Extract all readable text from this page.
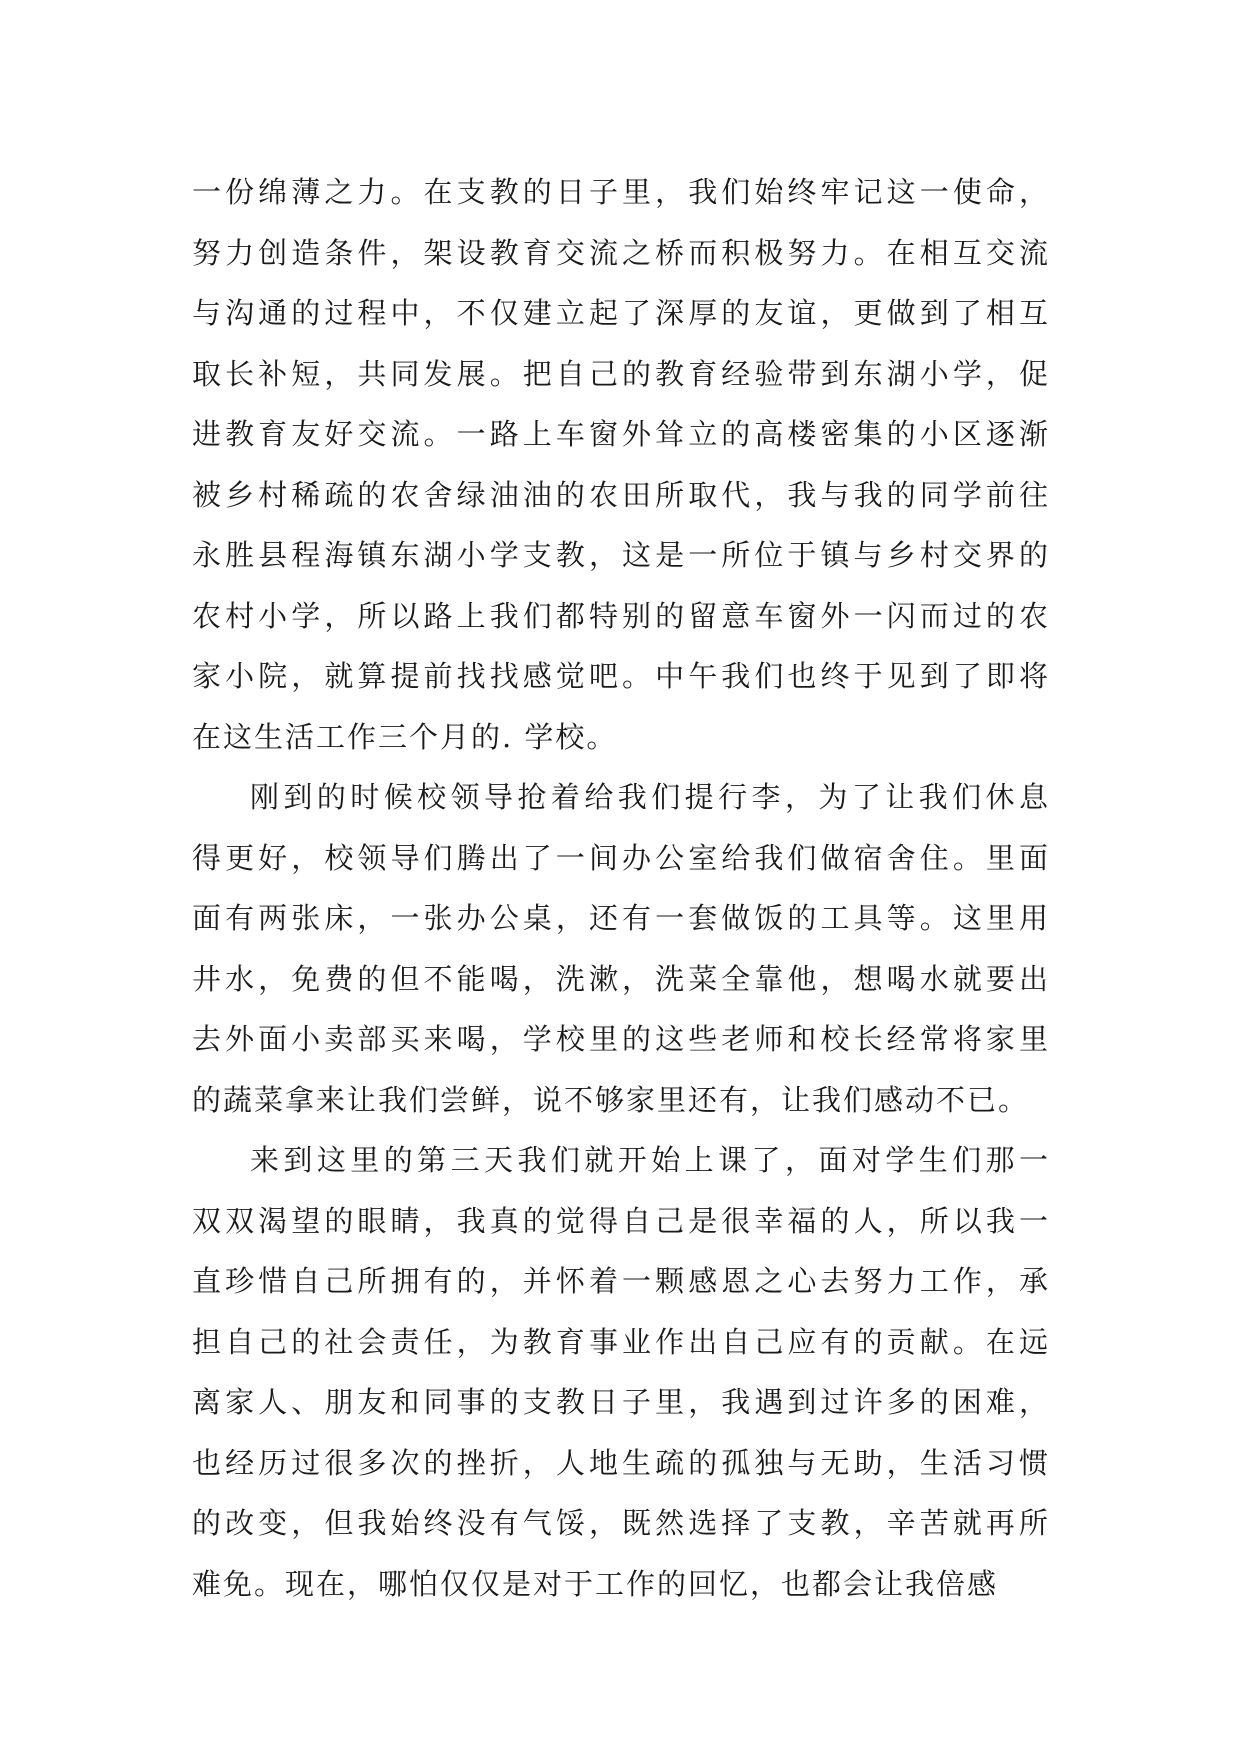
一份绵薄之力。在支教的日子里，我们始终牢记这一使命，
努力创造条件，架设教育交流之桥而积极努力。在相互交流
与沟通的过程中，不仅建立起了深厚的友谊，更做到了相互
取长补短，共同发展。把自己的教育经验带到东湖小学，促
进教育友好交流。一路上车窗外耸立的高楼密集的小区逐渐
被乡村稀疏的农舍绿油油的农田所取代，我与我的同学前往
永胜县程海镇东湖小学支教，这是一所位于镇与乡村交界的
农村小学，所以路上我们都特别的留意车窗外一闪而过的农
家小院，就算提前找找感觉吧。中午我们也终于见到了即将
在这生活工作三个月的. 学校。
刚到的时候校领导抢着给我们提行李，为了让我们休息
得更好，校领导们腾出了一间办公室给我们做宿舍住。里面
面有两张床，一张办公桌，还有一套做饭的工具等。这里用
井水，免费的但不能喝，洗漱，洗菜全靠他，想喝水就要出
去外面小卖部买来喝，学校里的这些老师和校长经常将家里
的蔬菜拿来让我们尝鲜，说不够家里还有，让我们感动不已。
来到这里的第三天我们就开始上课了，面对学生们那一
双双渴望的眼睛，我真的觉得自己是很幸福的人，所以我一
直珍惜自己所拥有的，并怀着一颗感恩之心去努力工作，承
担自己的社会责任，为教育事业作出自己应有的贡献。在远
离家人、朋友和同事的支教日子里，我遇到过许多的困难，
也经历过很多次的挫折，人地生疏的孤独与无助，生活习惯
的改变，但我始终没有气馁，既然选择了支教，辛苦就再所
难免。现在，哪怕仅仅是对于工作的回忆，也都会让我倍感
